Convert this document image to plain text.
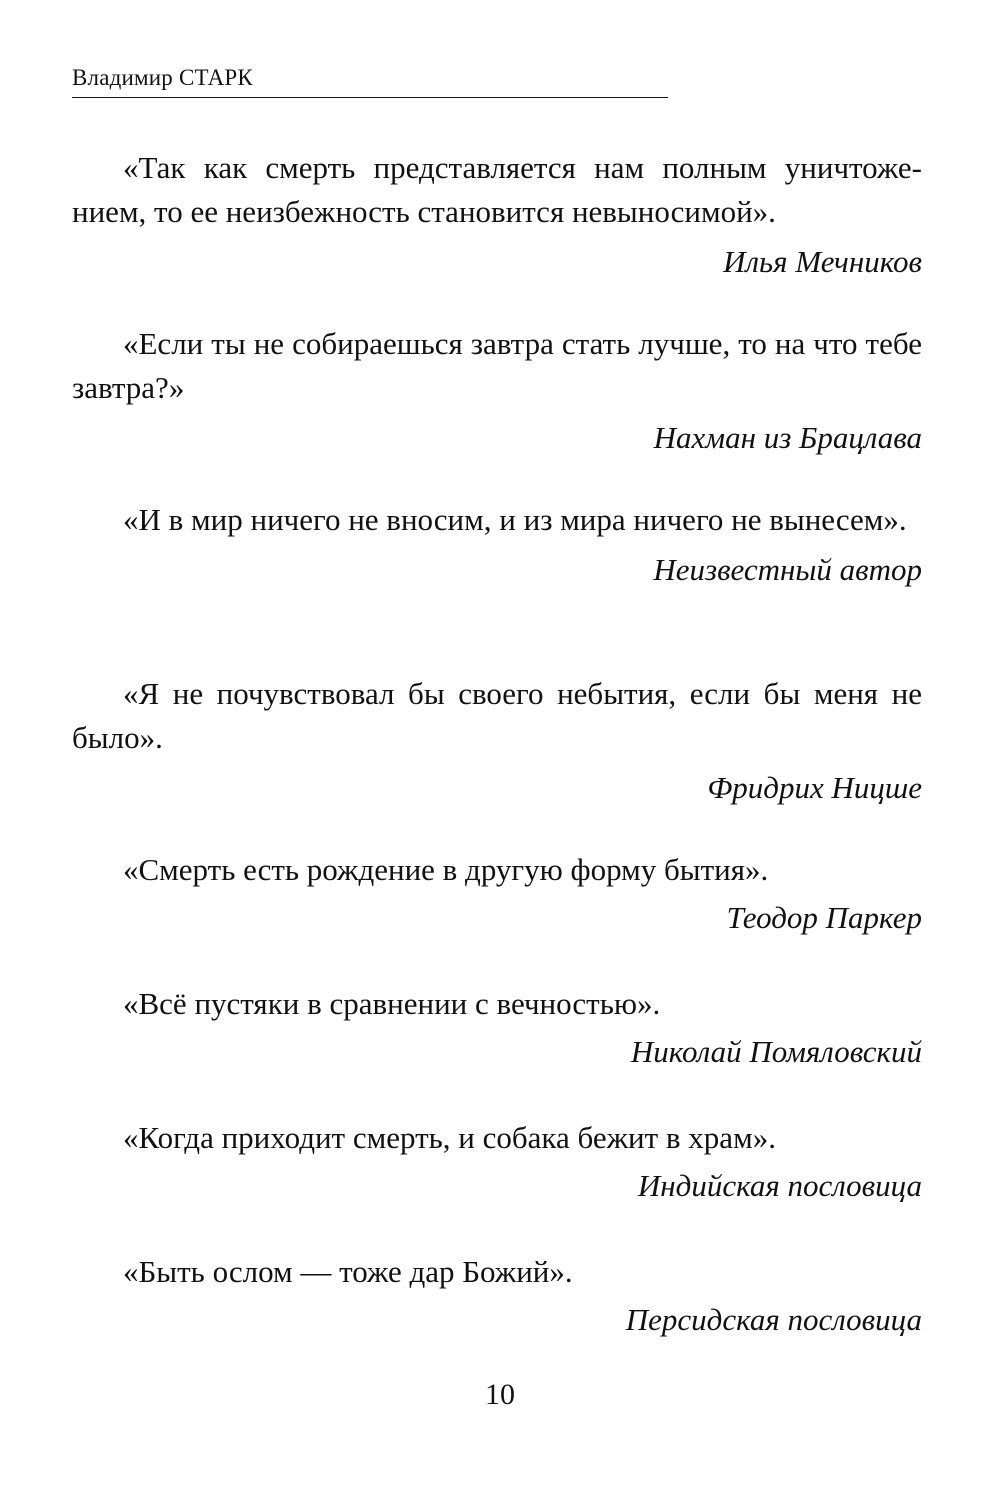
Владимир СТАРК

«Так как смерть представляется нам полным уничтожением, то ее неизбежность становится невыносимой».

Илья Мечников

«Если ты не собираешься завтра стать лучше, то на что тебе завтра?»

Нахман из Брацлава

«И в мир ничего не вносим, и из мира ничего не вынесем».

Неизвестный автор

«Я не почувствовал бы своего небытия, если бы меня не было».

Фридрих Ницше

«Смерть есть рождение в другую форму бытия».

Теодор Паркер

«Всё пустяки в сравнении с вечностью».

Николай Помяловский

«Когда приходит смерть, и собака бежит в храм».

Индийская пословица

«Быть ослом — тоже дар Божий».

Персидская пословица

10
